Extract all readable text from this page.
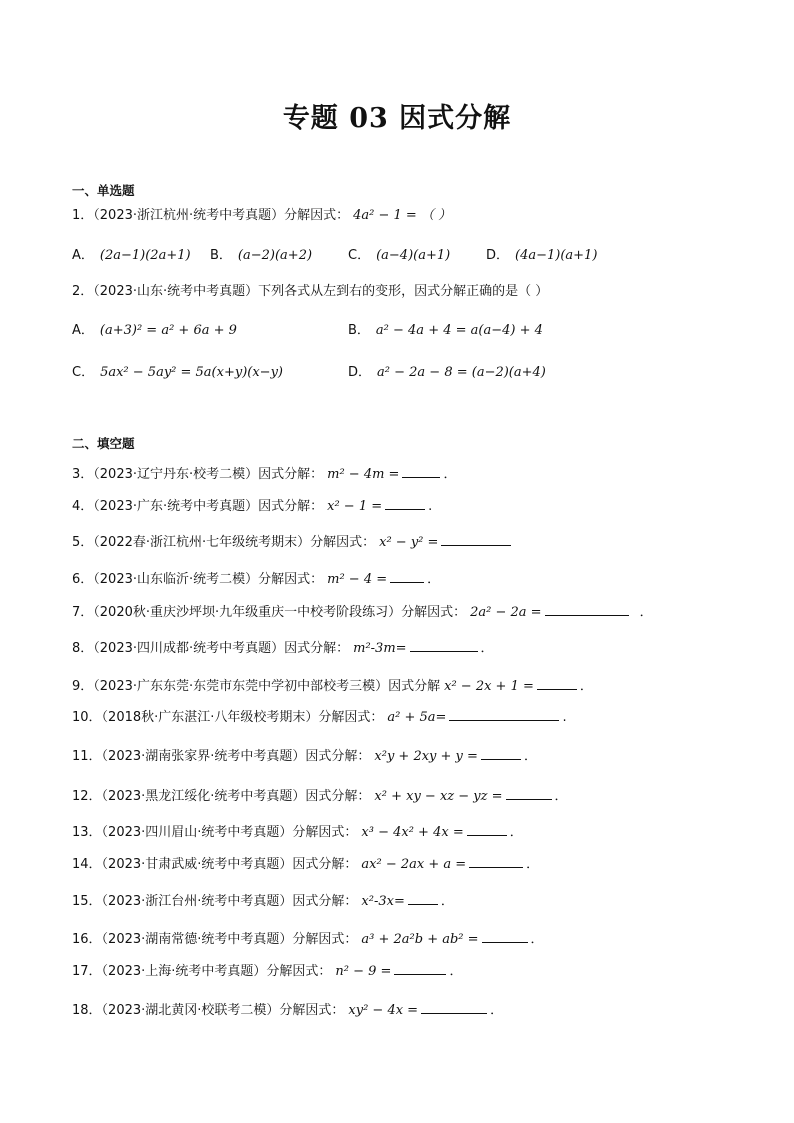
专题 03 因式分解
一、单选题
1．（2023·浙江杭州·统考中考真题）分解因式： 4a² − 1 = （ ）
A． (2a−1)(2a+1) B． (a−2)(a+2)	C． (a−4)(a+1)	D． (4a−1)(a+1)
2．（2023·山东·统考中考真题）下列各式从左到右的变形，因式分解正确的是（ ）
A． (a+3)² = a² + 6a + 9	B． a² − 4a + 4 = a(a−4) + 4
C． 5ax² − 5ay² = 5a(x+y)(x−y)	D． a² − 2a − 8 = (a−2)(a+4)
二、填空题
3．（2023·辽宁丹东·校考二模）因式分解： m² − 4m =	．
4．（2023·广东·统考中考真题）因式分解： x² − 1 =	.
5．（2022春·浙江杭州·七年级统考期末）分解因式： x² − y² =
6．（2023·山东临沂·统考二模）分解因式： m² − 4 =	．
7．（2020秋·重庆沙坪坝·九年级重庆一中校考阶段练习）分解因式： 2a² − 2a =	．
8．（2023·四川成都·统考中考真题）因式分解： m²-3m=	．
9．（2023·广东东莞·东莞市东莞中学初中部校考三模）因式分解 x² − 2x + 1 =	．
10．（2018秋·广东湛江·八年级校考期末）分解因式： a² + 5a=	.
11．（2023·湖南张家界·统考中考真题）因式分解： x²y + 2xy + y =	．
12．（2023·黑龙江绥化·统考中考真题）因式分解： x² + xy − xz − yz =	．
13．（2023·四川眉山·统考中考真题）分解因式： x³ − 4x² + 4x =	．
14．（2023·甘肃武威·统考中考真题）因式分解： ax² − 2ax + a =	．
15．（2023·浙江台州·统考中考真题）因式分解： x²-3x=	．
16．（2023·湖南常德·统考中考真题）分解因式： a³ + 2a²b + ab² =	．
17．（2023·上海·统考中考真题）分解因式： n² − 9 =	．
18．（2023·湖北黄冈·校联考二模）分解因式： xy² − 4x =	．
